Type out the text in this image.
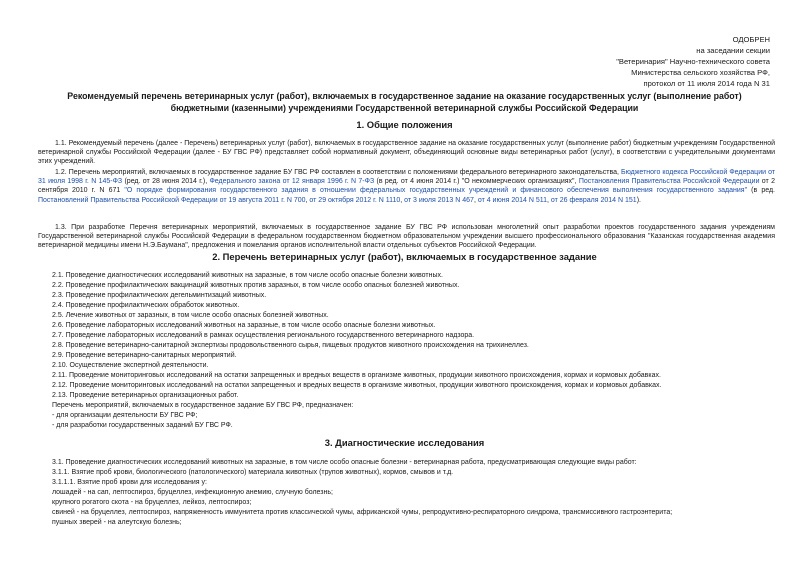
ОДОБРЕН
на заседании секции
"Ветеринария" Научно-технического совета
Министерства сельского хозяйства РФ,
протокол от 11 июля 2014 года N 31
Рекомендуемый перечень ветеринарных услуг (работ), включаемых в государственное задание на оказание государственных услуг (выполнение работ)
бюджетными (казенными) учреждениями Государственной ветеринарной службы Российской Федерации
1. Общие положения
1.1. Рекомендуемый перечень (далее - Перечень) ветеринарных услуг (работ), включаемых в государственное задание на оказание государственных услуг (выполнение работ) бюджетным учреждениям Государственной ветеринарной службы Российской Федерации (далее - БУ ГВС РФ) представляет собой нормативный документ, объединяющий основные виды ветеринарных работ (услуг), в соответствии с учредительными документами этих учреждений.
1.2. Перечень мероприятий, включаемых в государственное задание БУ ГВС РФ составлен в соответствии с положениями федерального ветеринарного законодательства, Бюджетного кодекса Российской Федерации от 31 июля 1998 г. N 145-ФЗ (ред. от 28 июня 2014 г.), Федерального закона от 12 января 1996 г. N 7-ФЗ (в ред. от 4 июня 2014 г.) "О некоммерческих организациях", Постановления Правительства Российской Федерации от 2 сентября 2010 г. N 671 "О порядке формирования государственного задания в отношении федеральных государственных учреждений и финансового обеспечения выполнения государственного задания" (в ред. Постановлений Правительства Российской Федерации от 19 августа 2011 г. N 700, от 29 октября 2012 г. N 1110, от 3 июля 2013 N 467, от 4 июня 2014 N 511, от 26 февраля 2014 N 151).
1.3. При разработке Перечня ветеринарных мероприятий, включаемых в государственное задание БУ ГВС РФ использован многолетний опыт разработки проектов государственного задания учреждениям Государственной ветеринарной службы Российской Федерации в федеральном государственном бюджетном образовательном учреждении высшего профессионального образования "Казанская государственная академия ветеринарной медицины имени Н.Э.Баумана", предложения и пожелания органов исполнительной власти отдельных субъектов Российской Федерации.
2. Перечень ветеринарных услуг (работ), включаемых в государственное задание
2.1. Проведение диагностических исследований животных на заразные, в том числе особо опасные болезни животных.
2.2. Проведение профилактических вакцинаций животных против заразных, в том числе особо опасных болезней животных.
2.3. Проведение профилактических дегельминтизаций животных.
2.4. Проведение профилактических обработок животных.
2.5. Лечение животных от заразных, в том числе особо опасных болезней животных.
2.6. Проведение лабораторных исследований животных на заразные, в том числе особо опасные болезни животных.
2.7. Проведение лабораторных исследований в рамках осуществления регионального государственного ветеринарного надзора.
2.8. Проведение ветеринарно-санитарной экспертизы продовольственного сырья, пищевых продуктов животного происхождения на трихинеллез.
2.9. Проведение ветеринарно-санитарных мероприятий.
2.10. Осуществление экспертной деятельности.
2.11. Проведение мониторинговых исследований на остатки запрещенных и вредных веществ в организме животных, продукции животного происхождения, кормах и кормовых добавках.
2.12. Проведение мониторинговых исследований на остатки запрещенных и вредных веществ в организме животных, продукции животного происхождения, кормах и кормовых добавках.
2.13. Проведение ветеринарных организационных работ.
Перечень мероприятий, включаемых в государственное задание БУ ГВС РФ, предназначен:
- для организации деятельности БУ ГВС РФ;
- для разработки государственных заданий БУ ГВС РФ.
3. Диагностические исследования
3.1. Проведение диагностических исследований животных на заразные, в том числе особо опасные болезни - ветеринарная работа, предусматривающая следующие виды работ:
3.1.1. Взятие проб крови, биологического (патологического) материала животных (трупов животных), кормов, смывов и т.д.
3.1.1.1. Взятие проб крови для исследования у:
лошадей - на сап, лептоспироз, бруцеллез, инфекционную анемию, случную болезнь;
крупного рогатого скота - на бруцеллез, лейкоз, лептоспироз;
свиней - на бруцеллез, лептоспироз, напряженность иммунитета против классической чумы, африканской чумы, репродуктивно-респираторного синдрома, трансмиссивного гастроэнтерита;
пушных зверей - на алеутскую болезнь;
